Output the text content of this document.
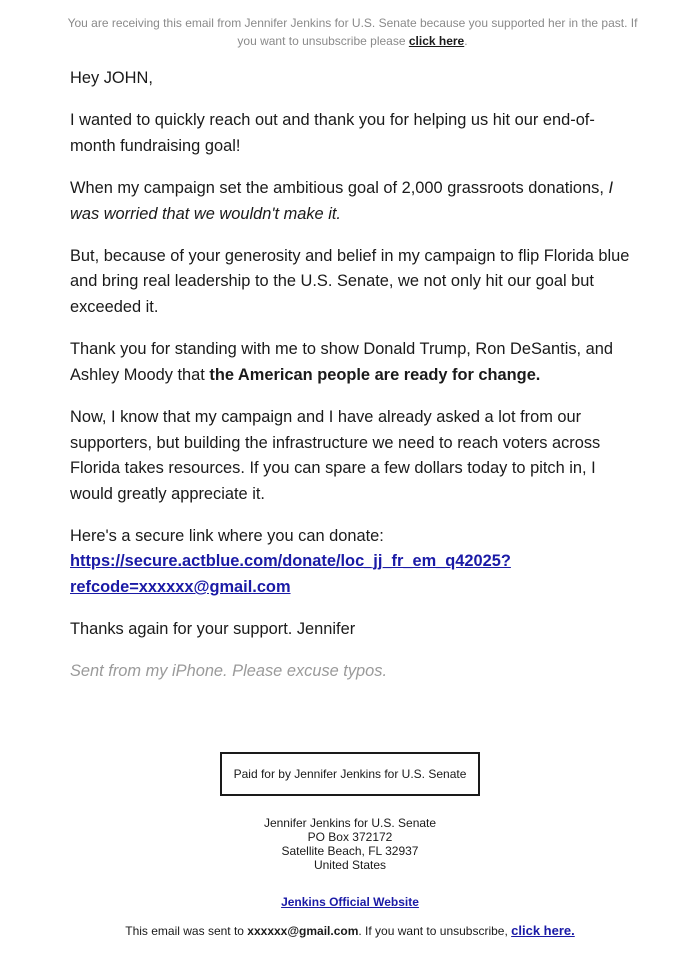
You are receiving this email from Jennifer Jenkins for U.S. Senate because you supported her in the past. If you want to unsubscribe please click here.

Hey JOHN,

I wanted to quickly reach out and thank you for helping us hit our end-of-month fundraising goal!

When my campaign set the ambitious goal of 2,000 grassroots donations, I was worried that we wouldn't make it.

But, because of your generosity and belief in my campaign to flip Florida blue and bring real leadership to the U.S. Senate, we not only hit our goal but exceeded it.

Thank you for standing with me to show Donald Trump, Ron DeSantis, and Ashley Moody that the American people are ready for change.

Now, I know that my campaign and I have already asked a lot from our supporters, but building the infrastructure we need to reach voters across Florida takes resources. If you can spare a few dollars today to pitch in, I would greatly appreciate it.

Here's a secure link where you can donate:
https://secure.actblue.com/donate/loc_jj_fr_em_q42025?
refcode=xxxxxx@gmail.com

Thanks again for your support. Jennifer

Sent from my iPhone. Please excuse typos.

Paid for by Jennifer Jenkins for U.S. Senate
Jennifer Jenkins for U.S. Senate
PO Box 372172
Satellite Beach, FL 32937
United States
Jenkins Official Website
This email was sent to xxxxxx@gmail.com. If you want to unsubscribe, click here.
